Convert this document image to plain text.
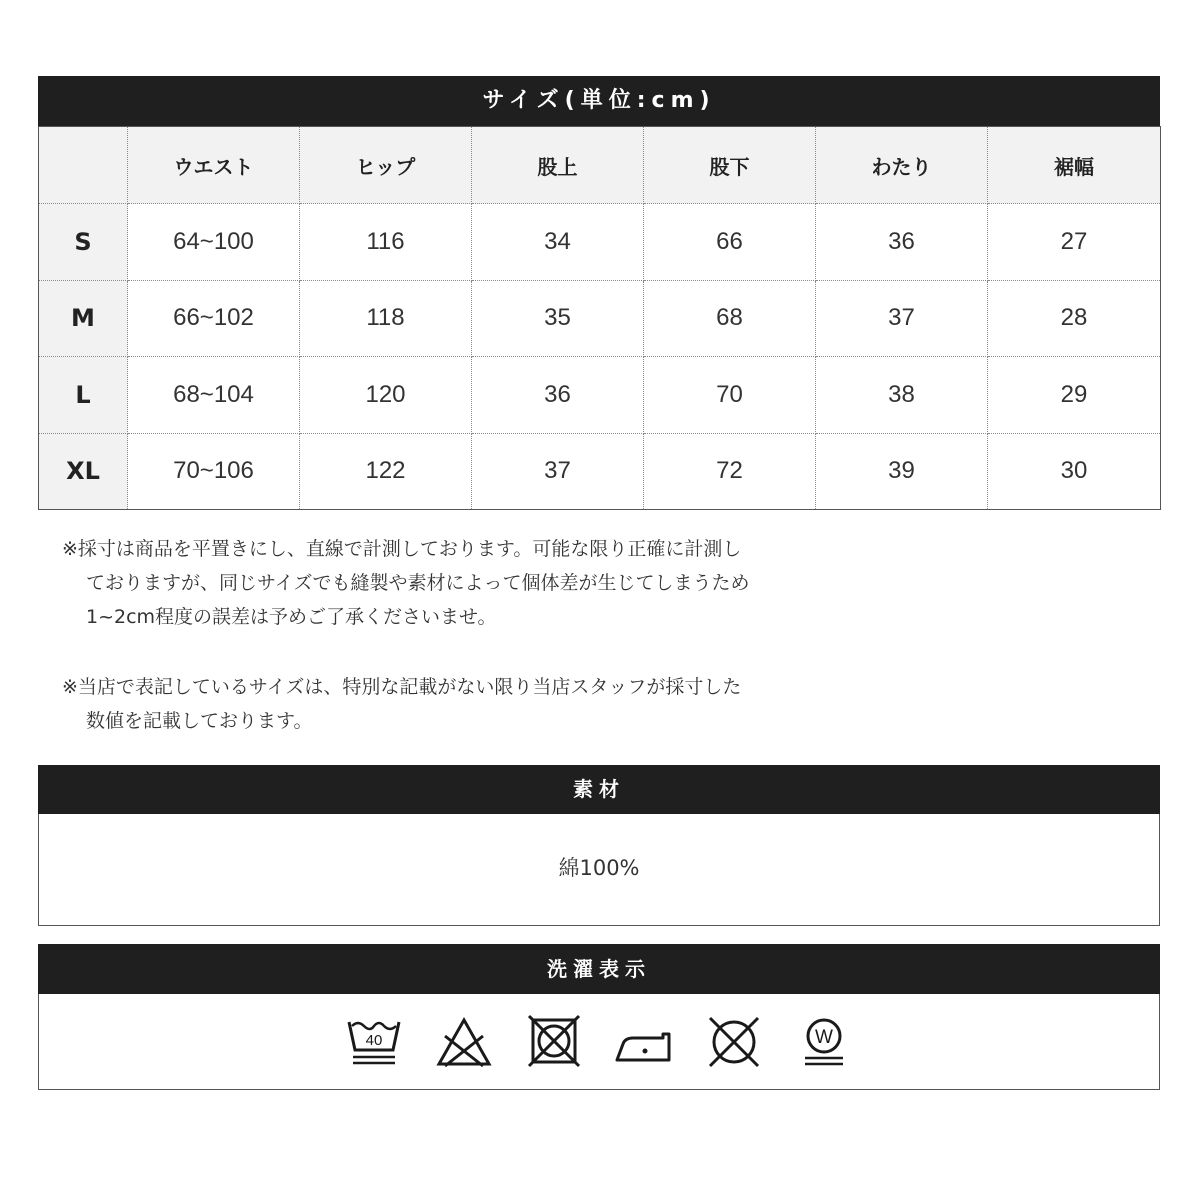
サイズ(単位:cm)
	ウエスト	ヒップ	股上	股下	わたり	裾幅
S	64~100	116	34	66	36	27
M	66~102	118	35	68	37	28
L	68~104	120	36	70	38	29
XL	70~106	122	37	72	39	30
※採寸は商品を平置きにし、直線で計測しております。可能な限り正確に計測し
ておりますが、同じサイズでも縫製や素材によって個体差が生じてしまうため
1~2cm程度の誤差は予めご了承くださいませ。
※当店で表記しているサイズは、特別な記載がない限り当店スタッフが採寸した
数値を記載しております。
素材
綿100%
洗濯表示
40	W
